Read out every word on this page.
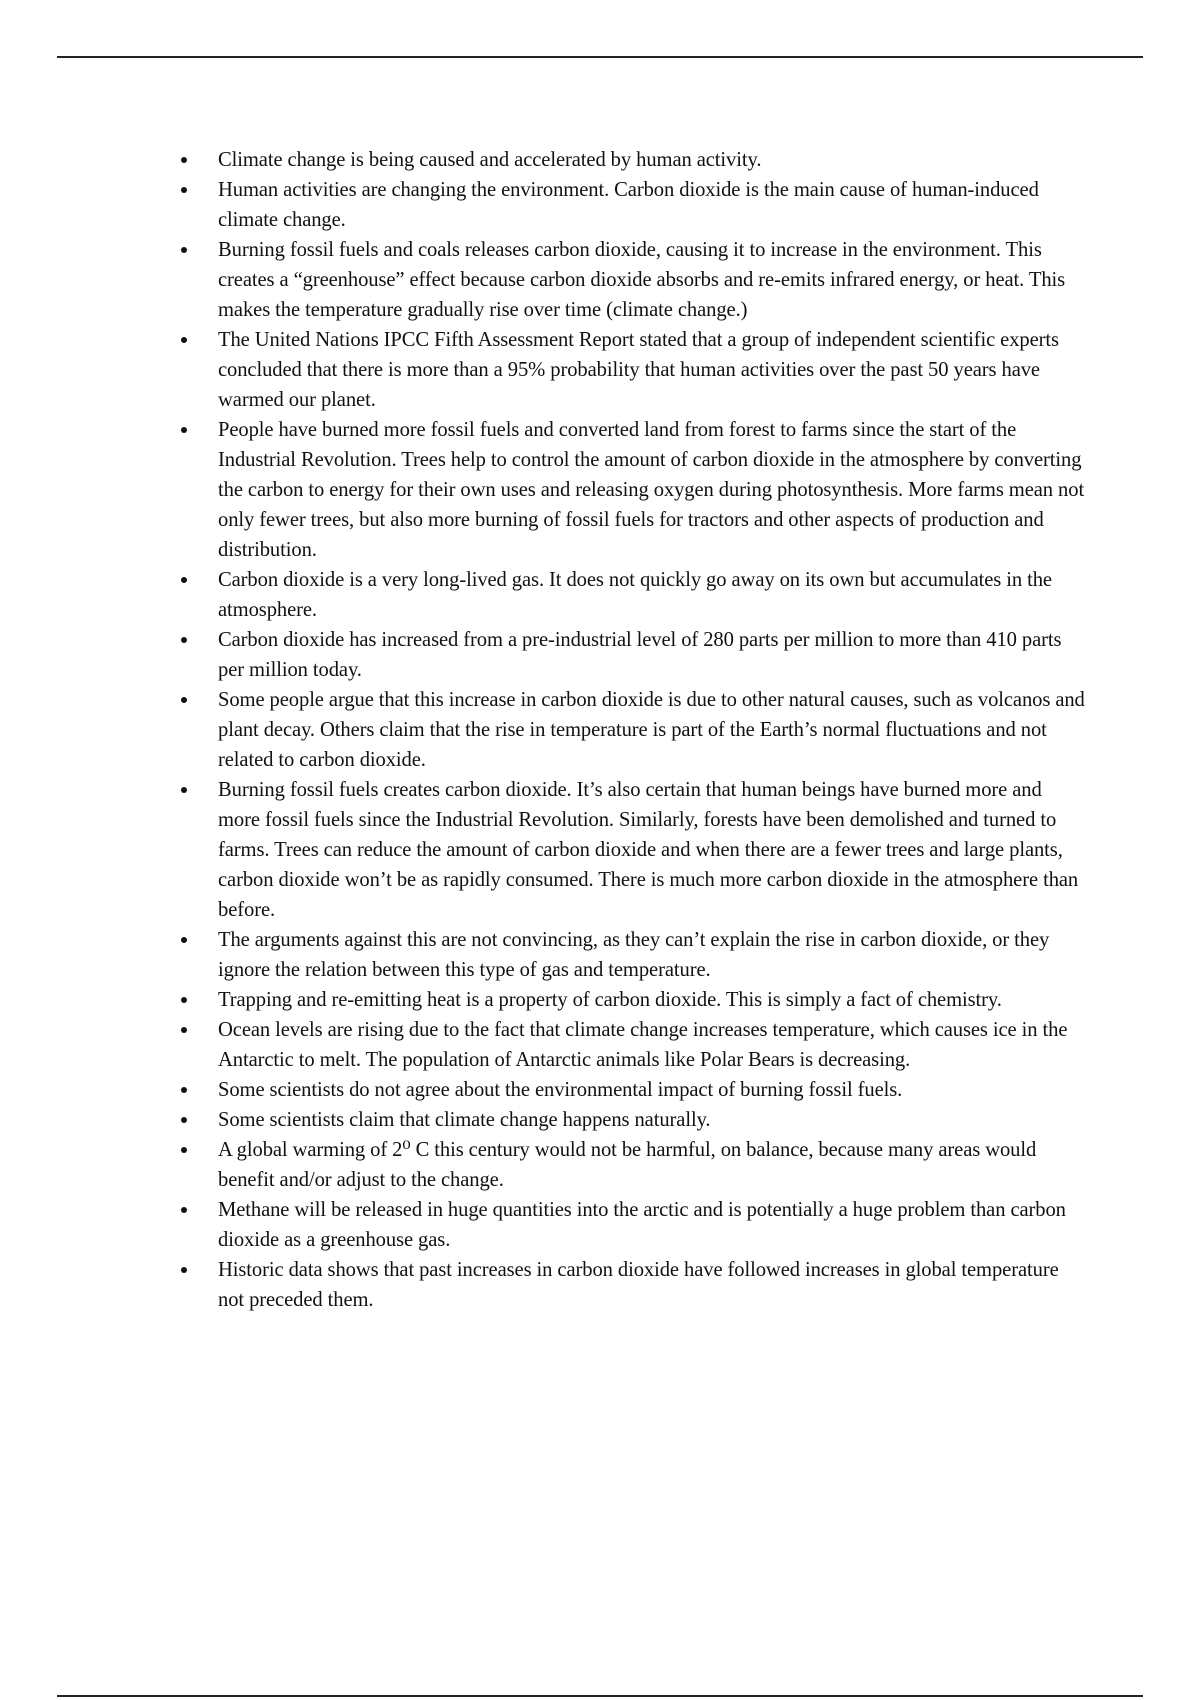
Climate change is being caused and accelerated by human activity.
Human activities are changing the environment. Carbon dioxide is the main cause of human-induced climate change.
Burning fossil fuels and coals releases carbon dioxide, causing it to increase in the environment. This creates a “greenhouse” effect because carbon dioxide absorbs and re-emits infrared energy, or heat. This makes the temperature gradually rise over time (climate change.)
The United Nations IPCC Fifth Assessment Report stated that a group of independent scientific experts concluded that there is more than a 95% probability that human activities over the past 50 years have warmed our planet.
People have burned more fossil fuels and converted land from forest to farms since the start of the Industrial Revolution. Trees help to control the amount of carbon dioxide in the atmosphere by converting the carbon to energy for their own uses and releasing oxygen during photosynthesis. More farms mean not only fewer trees, but also more burning of fossil fuels for tractors and other aspects of production and distribution.
Carbon dioxide is a very long-lived gas. It does not quickly go away on its own but accumulates in the atmosphere.
Carbon dioxide has increased from a pre-industrial level of 280 parts per million to more than 410 parts per million today.
Some people argue that this increase in carbon dioxide is due to other natural causes, such as volcanos and plant decay. Others claim that the rise in temperature is part of the Earth’s normal fluctuations and not related to carbon dioxide.
Burning fossil fuels creates carbon dioxide. It’s also certain that human beings have burned more and more fossil fuels since the Industrial Revolution. Similarly, forests have been demolished and turned to farms. Trees can reduce the amount of carbon dioxide and when there are a fewer trees and large plants, carbon dioxide won’t be as rapidly consumed. There is much more carbon dioxide in the atmosphere than before.
The arguments against this are not convincing, as they can’t explain the rise in carbon dioxide, or they ignore the relation between this type of gas and temperature.
Trapping and re-emitting heat is a property of carbon dioxide. This is simply a fact of chemistry.
Ocean levels are rising due to the fact that climate change increases temperature, which causes ice in the Antarctic to melt. The population of Antarctic animals like Polar Bears is decreasing.
Some scientists do not agree about the environmental impact of burning fossil fuels.
Some scientists claim that climate change happens naturally.
A global warming of 2⁰ C this century would not be harmful, on balance, because many areas would benefit and/or adjust to the change.
Methane will be released in huge quantities into the arctic and is potentially a huge problem than carbon dioxide as a greenhouse gas.
Historic data shows that past increases in carbon dioxide have followed increases in global temperature not preceded them.
